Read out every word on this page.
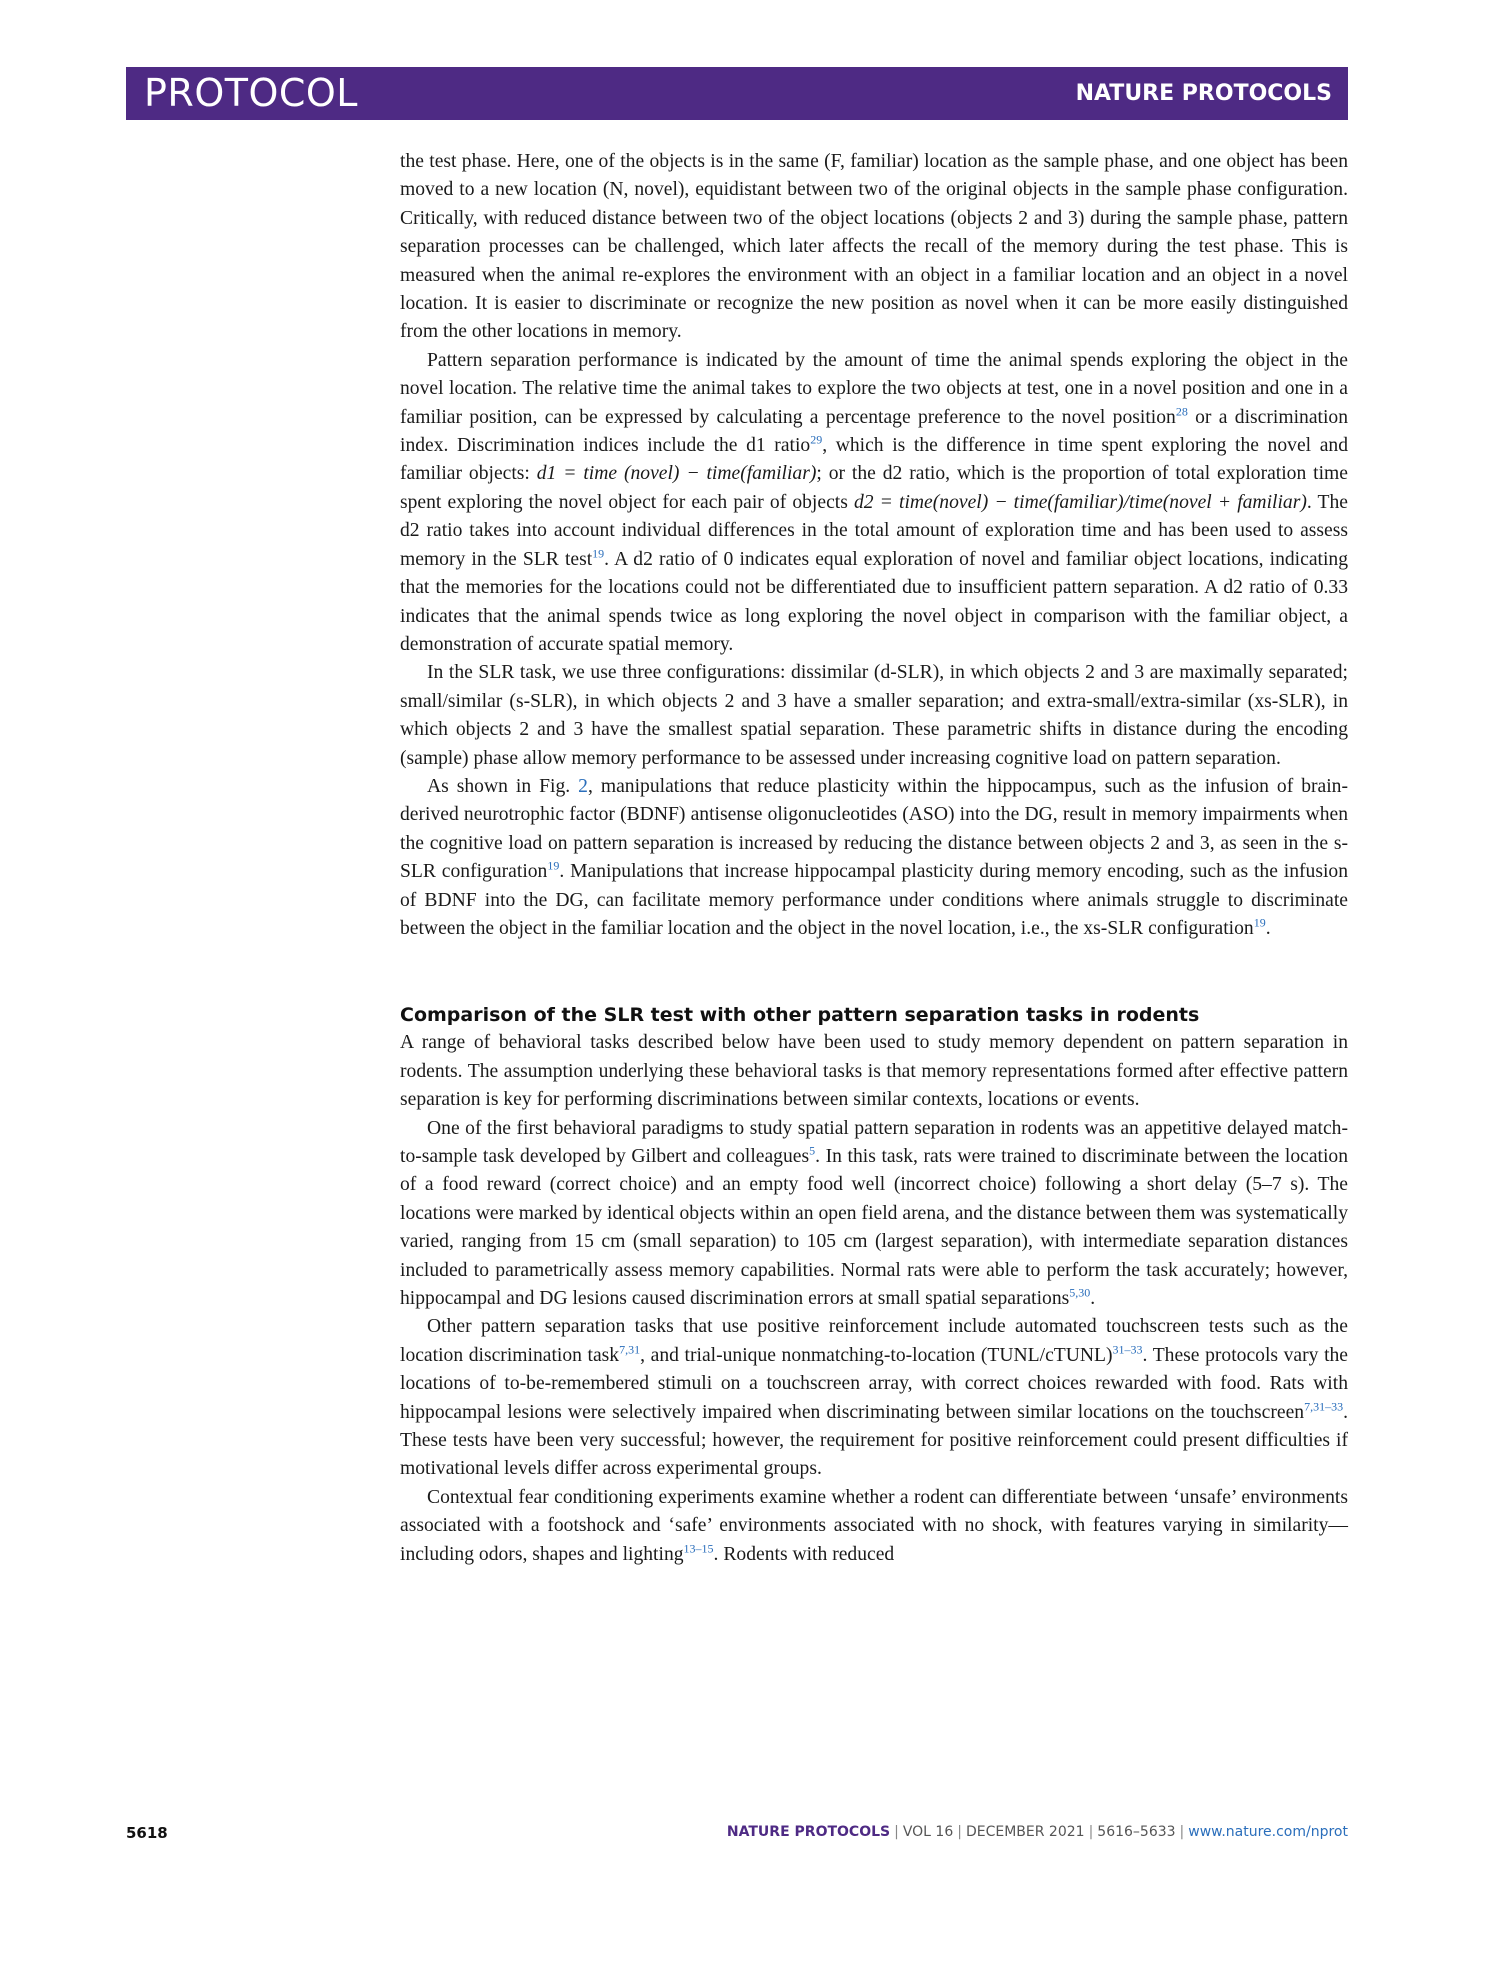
PROTOCOL	NATURE PROTOCOLS

the test phase. Here, one of the objects is in the same (F, familiar) location as the sample phase, and one object has been moved to a new location (N, novel), equidistant between two of the original objects in the sample phase configuration. Critically, with reduced distance between two of the object locations (objects 2 and 3) during the sample phase, pattern separation processes can be challenged, which later affects the recall of the memory during the test phase. This is measured when the animal re-explores the environment with an object in a familiar location and an object in a novel location. It is easier to discriminate or recognize the new position as novel when it can be more easily distinguished from the other locations in memory.

Pattern separation performance is indicated by the amount of time the animal spends exploring the object in the novel location. The relative time the animal takes to explore the two objects at test, one in a novel position and one in a familiar position, can be expressed by calculating a percentage preference to the novel position$^{28}$ or a discrimination index. Discrimination indices include the d1 ratio$^{29}$, which is the difference in time spent exploring the novel and familiar objects: d1 = time (novel) − time(familiar); or the d2 ratio, which is the proportion of total exploration time spent exploring the novel object for each pair of objects d2 = time(novel) − time(familiar)/time(novel + familiar). The d2 ratio takes into account individual differences in the total amount of exploration time and has been used to assess memory in the SLR test$^{19}$. A d2 ratio of 0 indicates equal exploration of novel and familiar object locations, indicating that the memories for the locations could not be differentiated due to insufficient pattern separation. A d2 ratio of 0.33 indicates that the animal spends twice as long exploring the novel object in comparison with the familiar object, a demonstration of accurate spatial memory.

In the SLR task, we use three configurations: dissimilar (d-SLR), in which objects 2 and 3 are maximally separated; small/similar (s-SLR), in which objects 2 and 3 have a smaller separation; and extra-small/extra-similar (xs-SLR), in which objects 2 and 3 have the smallest spatial separation. These parametric shifts in distance during the encoding (sample) phase allow memory performance to be assessed under increasing cognitive load on pattern separation.

As shown in Fig. 2, manipulations that reduce plasticity within the hippocampus, such as the infusion of brain-derived neurotrophic factor (BDNF) antisense oligonucleotides (ASO) into the DG, result in memory impairments when the cognitive load on pattern separation is increased by reducing the distance between objects 2 and 3, as seen in the s-SLR configuration$^{19}$. Manipulations that increase hippocampal plasticity during memory encoding, such as the infusion of BDNF into the DG, can facilitate memory performance under conditions where animals struggle to discriminate between the object in the familiar location and the object in the novel location, i.e., the xs-SLR configuration$^{19}$.

Comparison of the SLR test with other pattern separation tasks in rodents

A range of behavioral tasks described below have been used to study memory dependent on pattern separation in rodents. The assumption underlying these behavioral tasks is that memory representations formed after effective pattern separation is key for performing discriminations between similar contexts, locations or events.

One of the first behavioral paradigms to study spatial pattern separation in rodents was an appetitive delayed match-to-sample task developed by Gilbert and colleagues$^5$. In this task, rats were trained to discriminate between the location of a food reward (correct choice) and an empty food well (incorrect choice) following a short delay (5–7 s). The locations were marked by identical objects within an open field arena, and the distance between them was systematically varied, ranging from 15 cm (small separation) to 105 cm (largest separation), with intermediate separation distances included to parametrically assess memory capabilities. Normal rats were able to perform the task accurately; however, hippocampal and DG lesions caused discrimination errors at small spatial separations$^{5,30}$.

Other pattern separation tasks that use positive reinforcement include automated touchscreen tests such as the location discrimination task$^{7,31}$, and trial-unique nonmatching-to-location (TUNL/cTUNL)$^{31-33}$. These protocols vary the locations of to-be-remembered stimuli on a touchscreen array, with correct choices rewarded with food. Rats with hippocampal lesions were selectively impaired when discriminating between similar locations on the touchscreen$^{7,31-33}$. These tests have been very successful; however, the requirement for positive reinforcement could present difficulties if motivational levels differ across experimental groups.

Contextual fear conditioning experiments examine whether a rodent can differentiate between ‘unsafe’ environments associated with a footshock and ‘safe’ environments associated with no shock, with features varying in similarity—including odors, shapes and lighting$^{13-15}$. Rodents with reduced

5618	NATURE PROTOCOLS | VOL 16 | DECEMBER 2021 | 5616–5633 | www.nature.com/nprot
